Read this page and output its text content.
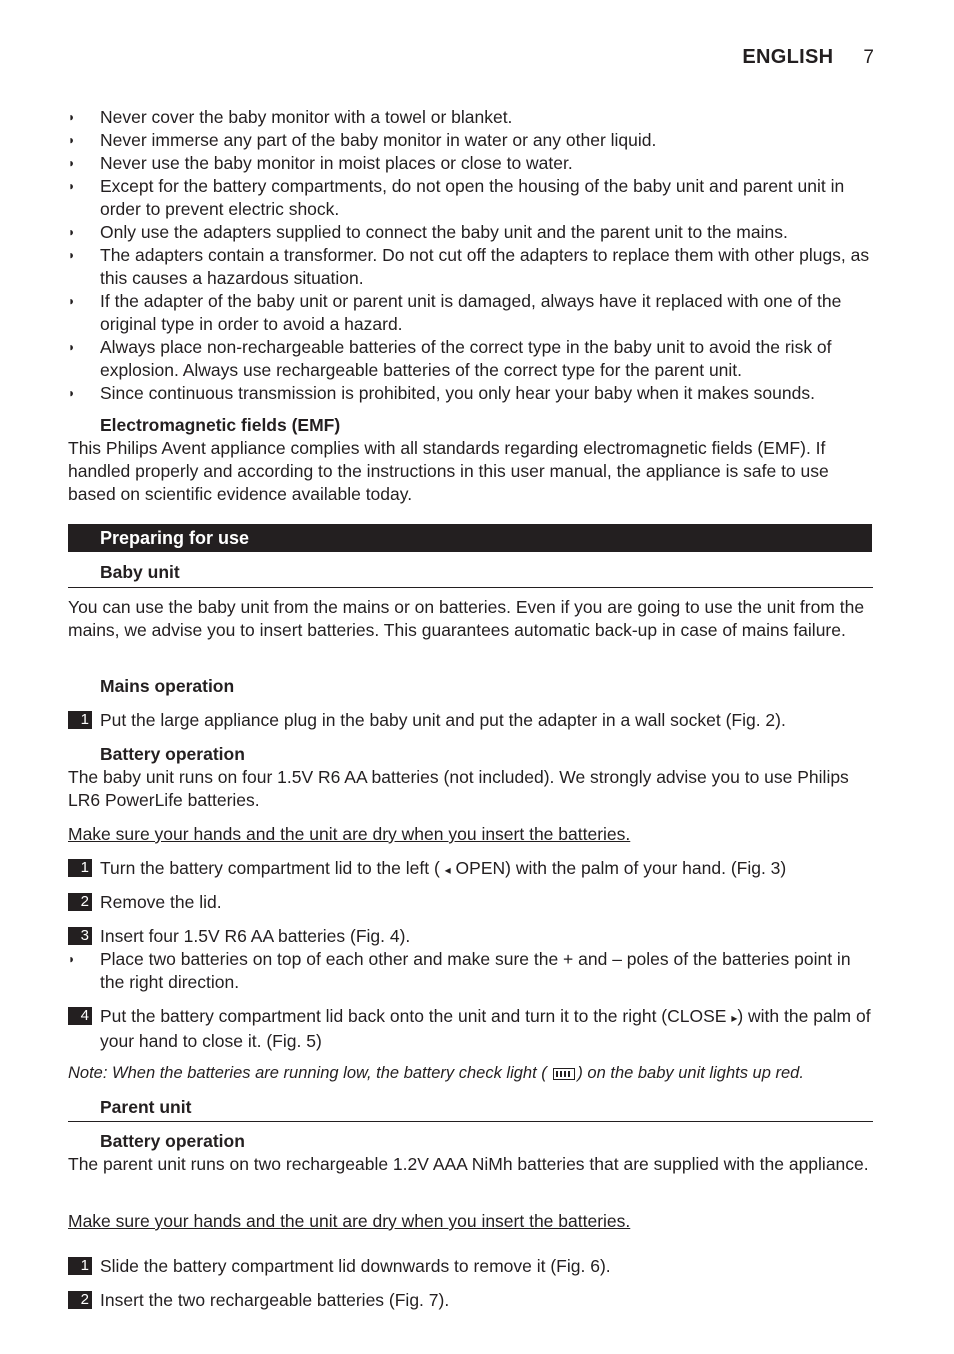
ENGLISH 7
◗ Never cover the baby monitor with a towel or blanket.
◗ Never immerse any part of the baby monitor in water or any other liquid.
◗ Never use the baby monitor in moist places or close to water.
◗ Except for the battery compartments, do not open the housing of the baby unit and parent unit in order to prevent electric shock.
◗ Only use the adapters supplied to connect the baby unit and the parent unit to the mains.
◗ The adapters contain a transformer. Do not cut off the adapters to replace them with other plugs, as this causes a hazardous situation.
◗ If the adapter of the baby unit or parent unit is damaged, always have it replaced with one of the original type in order to avoid a hazard.
◗ Always place non-rechargeable batteries of the correct type in the baby unit to avoid the risk of explosion. Always use rechargeable batteries of the correct type for the parent unit.
◗ Since continuous transmission is prohibited, you only hear your baby when it makes sounds.
Electromagnetic fields (EMF)
This Philips Avent appliance complies with all standards regarding electromagnetic fields (EMF). If handled properly and according to the instructions in this user manual, the appliance is safe to use based on scientific evidence available today.
Preparing for use
Baby unit
You can use the baby unit from the mains or on batteries. Even if you are going to use the unit from the mains, we advise you to insert batteries. This guarantees automatic back-up in case of mains failure.
Mains operation
1 Put the large appliance plug in the baby unit and put the adapter in a wall socket (Fig. 2).
Battery operation
The baby unit runs on four 1.5V R6 AA batteries (not included). We strongly advise you to use Philips LR6 PowerLife batteries.
Make sure your hands and the unit are dry when you insert the batteries.
1 Turn the battery compartment lid to the left ( ◂ OPEN) with the palm of your hand. (Fig. 3)
2 Remove the lid.
3 Insert four 1.5V R6 AA batteries (Fig. 4).
◗ Place two batteries on top of each other and make sure the + and – poles of the batteries point in the right direction.
4 Put the battery compartment lid back onto the unit and turn it to the right (CLOSE ▸) with the palm of your hand to close it. (Fig. 5)
Note: When the batteries are running low, the battery check light ( ) on the baby unit lights up red.
Parent unit
Battery operation
The parent unit runs on two rechargeable 1.2V AAA NiMh batteries that are supplied with the appliance.
Make sure your hands and the unit are dry when you insert the batteries.
1 Slide the battery compartment lid downwards to remove it (Fig. 6).
2 Insert the two rechargeable batteries (Fig. 7).
